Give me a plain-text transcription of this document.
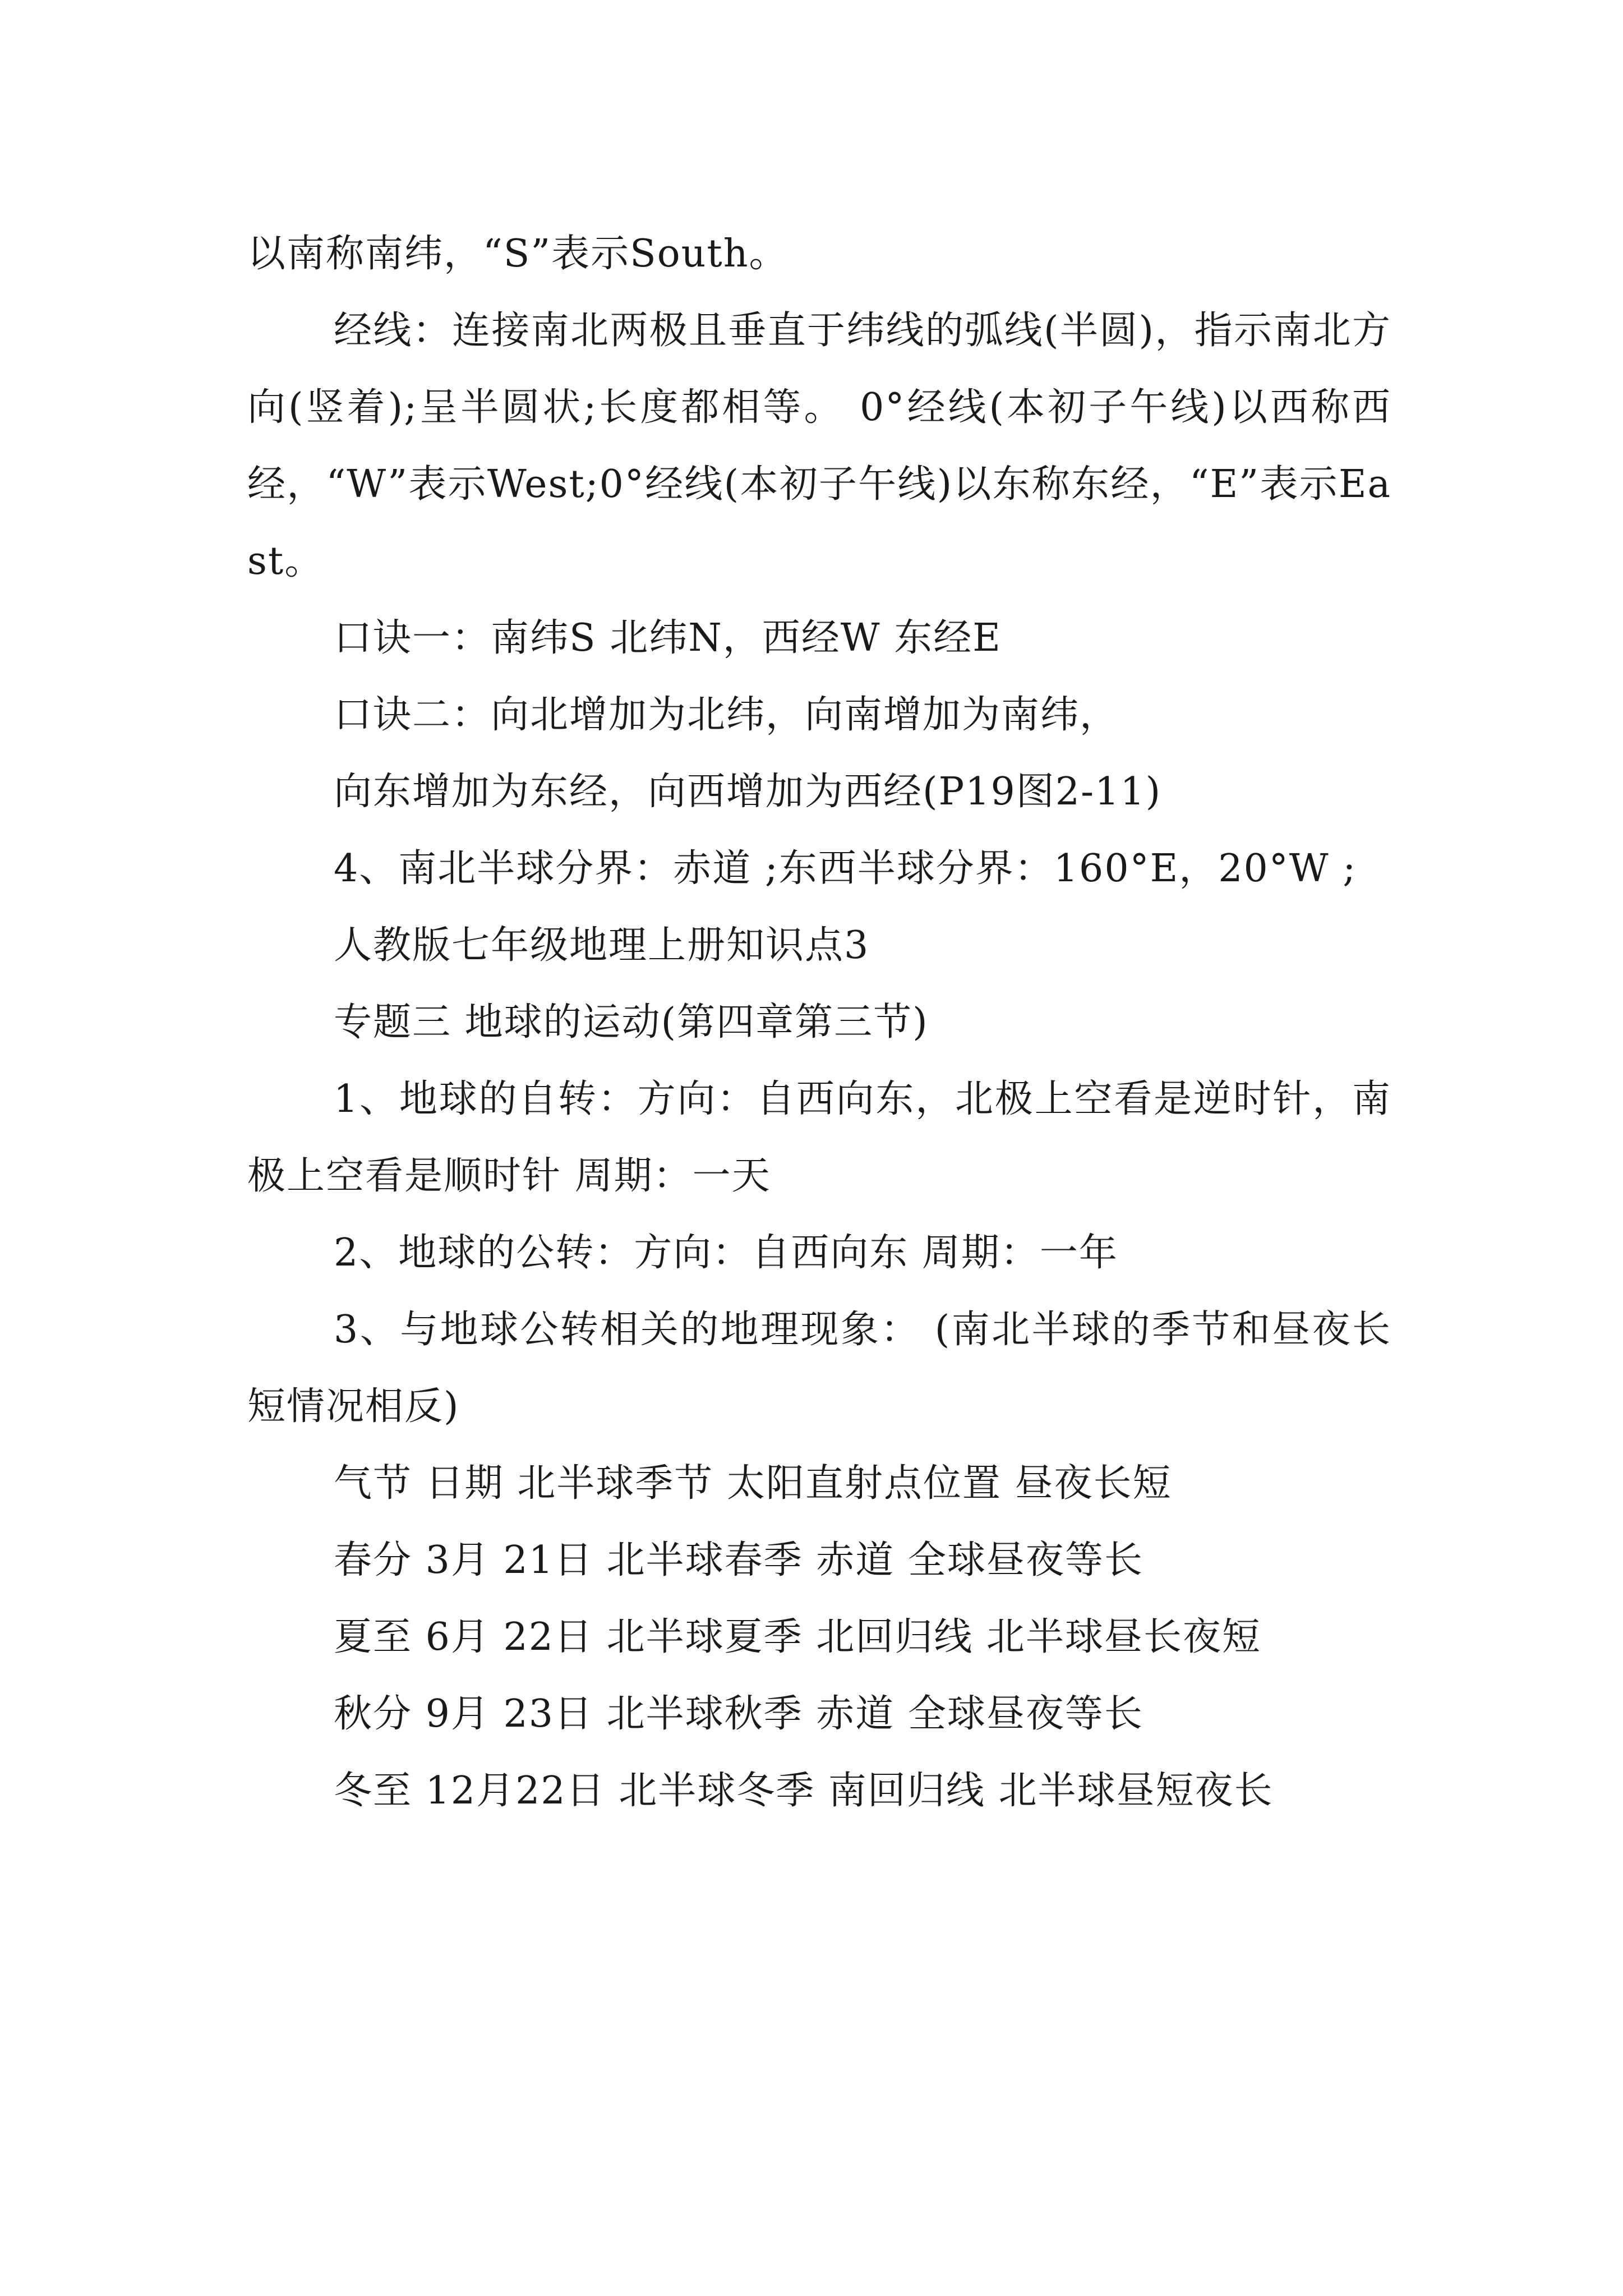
以南称南纬，“S”表示South。

经线：连接南北两极且垂直于纬线的弧线(半圆)，指示南北方向(竖着);呈半圆状;长度都相等。 0°经线(本初子午线)以西称西经，“W”表示West;0°经线(本初子午线)以东称东经，“E”表示East。

口诀一：南纬S 北纬N，西经W 东经E

口诀二：向北增加为北纬，向南增加为南纬，

向东增加为东经，向西增加为西经(P19图2-11)

4、南北半球分界：赤道 ;东西半球分界：160°E，20°W ;

人教版七年级地理上册知识点3

专题三 地球的运动(第四章第三节)

1、地球的自转：方向：自西向东，北极上空看是逆时针，南极上空看是顺时针 周期：一天

2、地球的公转：方向：自西向东 周期：一年

3、与地球公转相关的地理现象： (南北半球的季节和昼夜长短情况相反)

气节 日期 北半球季节 太阳直射点位置 昼夜长短

春分 3月 21日 北半球春季 赤道 全球昼夜等长

夏至 6月 22日 北半球夏季 北回归线 北半球昼长夜短

秋分 9月 23日 北半球秋季 赤道 全球昼夜等长

冬至 12月22日 北半球冬季 南回归线 北半球昼短夜长
